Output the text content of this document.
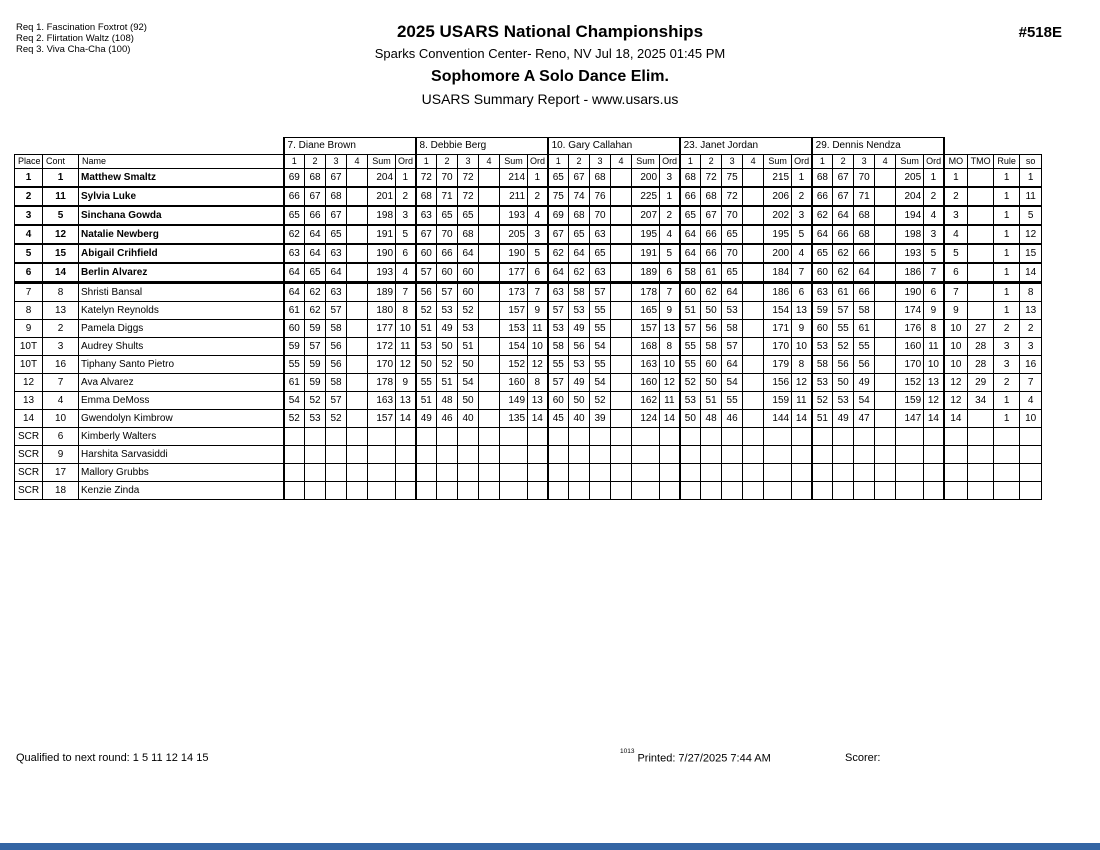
Req 1. Fascination Foxtrot (92)
Req 2. Flirtation Waltz (108)
Req 3. Viva Cha-Cha (100)
2025 USARS National Championships
Sparks Convention Center- Reno, NV Jul 18, 2025 01:45 PM
Sophomore A Solo Dance Elim.
USARS Summary Report - www.usars.us
#518E
			7. Diane Brown						8. Debbie Berg						10. Gary Callahan						23. Janet Jordan						29. Dennis Nendza									
Place	Cont	Name	1	2	3	4	Sum	Ord	1	2	3	4	Sum	Ord	1	2	3	4	Sum	Ord	1	2	3	4	Sum	Ord	1	2	3	4	Sum	Ord	MO	TMO	Rule	so
1	1	Matthew Smaltz	69	68	67		204	1	72	70	72		214	1	65	67	68		200	3	68	72	75		215	1	68	67	70		205	1	1		1	1
2	11	Sylvia Luke	66	67	68		201	2	68	71	72		211	2	75	74	76		225	1	66	68	72		206	2	66	67	71		204	2	2		1	11
3	5	Sinchana Gowda	65	66	67		198	3	63	65	65		193	4	69	68	70		207	2	65	67	70		202	3	62	64	68		194	4	3		1	5
4	12	Natalie Newberg	62	64	65		191	5	67	70	68		205	3	67	65	63		195	4	64	66	65		195	5	64	66	68		198	3	4		1	12
5	15	Abigail Crihfield	63	64	63		190	6	60	66	64		190	5	62	64	65		191	5	64	66	70		200	4	65	62	66		193	5	5		1	15
6	14	Berlin Alvarez	64	65	64		193	4	57	60	60		177	6	64	62	63		189	6	58	61	65		184	7	60	62	64		186	7	6		1	14
7	8	Shristi Bansal	64	62	63		189	7	56	57	60		173	7	63	58	57		178	7	60	62	64		186	6	63	61	66		190	6	7		1	8
8	13	Katelyn Reynolds	61	62	57		180	8	52	53	52		157	9	57	53	55		165	9	51	50	53		154	13	59	57	58		174	9	9		1	13
9	2	Pamela Diggs	60	59	58		177	10	51	49	53		153	11	53	49	55		157	13	57	56	58		171	9	60	55	61		176	8	10	27	2	2
10T	3	Audrey Shults	59	57	56		172	11	53	50	51		154	10	58	56	54		168	8	55	58	57		170	10	53	52	55		160	11	10	28	3	3
10T	16	Tiphany Santo Pietro	55	59	56		170	12	50	52	50		152	12	55	53	55		163	10	55	60	64		179	8	58	56	56		170	10	10	28	3	16
12	7	Ava Alvarez	61	59	58		178	9	55	51	54		160	8	57	49	54		160	12	52	50	54		156	12	53	50	49		152	13	12	29	2	7
13	4	Emma DeMoss	54	52	57		163	13	51	48	50		149	13	60	50	52		162	11	53	51	55		159	11	52	53	54		159	12	12	34	1	4
14	10	Gwendolyn Kimbrow	52	53	52		157	14	49	46	40		135	14	45	40	39		124	14	50	48	46		144	14	51	49	47		147	14	14		1	10
SCR	6	Kimberly Walters																																		
SCR	9	Harshita Sarvasiddi																																		
SCR	17	Mallory Grubbs																																		
SCR	18	Kenzie Zinda																																		
Qualified to next round: 1 5 11 12 14 15
$^{1013}$Printed: 7/27/2025 7:44 AM	Scorer:
